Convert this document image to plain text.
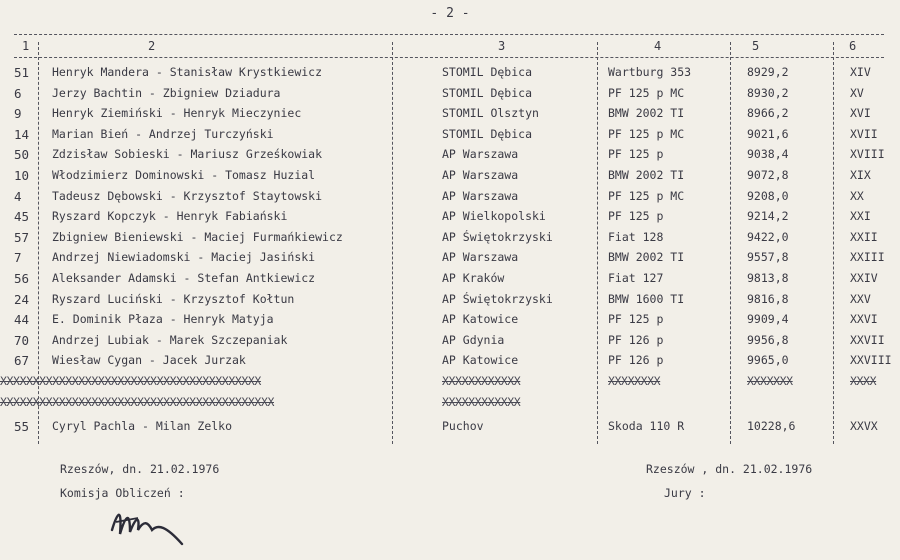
- 2 -
1	2	3	4	5	6
51	Henryk Mandera - Stanisław Krystkiewicz	STOMIL Dębica	Wartburg 353	8929,2	XIV
6	Jerzy Bachtin - Zbigniew Dziadura	STOMIL Dębica	PF 125 p MC	8930,2	XV
9	Henryk Ziemiński - Henryk Mieczyniec	STOMIL Olsztyn	BMW 2002 TI	8966,2	XVI
14	Marian Bień - Andrzej Turczyński	STOMIL Dębica	PF 125 p MC	9021,6	XVII
50	Zdzisław Sobieski - Mariusz Grześkowiak	AP Warszawa	PF 125 p	9038,4	XVIII
10	Włodzimierz Dominowski - Tomasz Huzial	AP Warszawa	BMW 2002 TI	9072,8	XIX
4	Tadeusz Dębowski - Krzysztof Staytowski	AP Warszawa	PF 125 p MC	9208,0	XX
45	Ryszard Kopczyk - Henryk Fabiański	AP Wielkopolski	PF 125 p	9214,2	XXI
57	Zbigniew Bieniewski - Maciej Furmańkiewicz	AP Świętokrzyski	Fiat 128	9422,0	XXII
7	Andrzej Niewiadomski - Maciej Jasiński	AP Warszawa	BMW 2002 TI	9557,8	XXIII
56	Aleksander Adamski - Stefan Antkiewicz	AP Kraków	Fiat 127	9813,8	XXIV
24	Ryszard Luciński - Krzysztof Kołtun	AP Świętokrzyski	BMW 1600 TI	9816,8	XXV
44	E. Dominik Płaza - Henryk Matyja	AP Katowice	PF 125 p	9909,4	XXVI
70	Andrzej Lubiak - Marek Szczepaniak	AP Gdynia	PF 126 p	9956,8	XXVII
67	Wiesław Cygan - Jacek Jurzak	AP Katowice	PF 126 p	9965,0	XXVIII
XXXXXXXXXXXXXXXXXXXXXXXXXXXXXXXXXXXXXXXX	XXXXXXXXXXXX	XXXXXXXX	XXXXXXX	XXXX
XXXXXXXXXXXXXXXXXXXXXXXXXXXXXXXXXXXXXXXXXX	XXXXXXXXXXXX
55	Cyryl Pachla - Milan Zelko	Puchov	Skoda 110 R	10228,6	XXVX
Rzeszów, dn. 21.02.1976
Komisja Obliczeń :
Rzeszów , dn. 21.02.1976
Jury :
